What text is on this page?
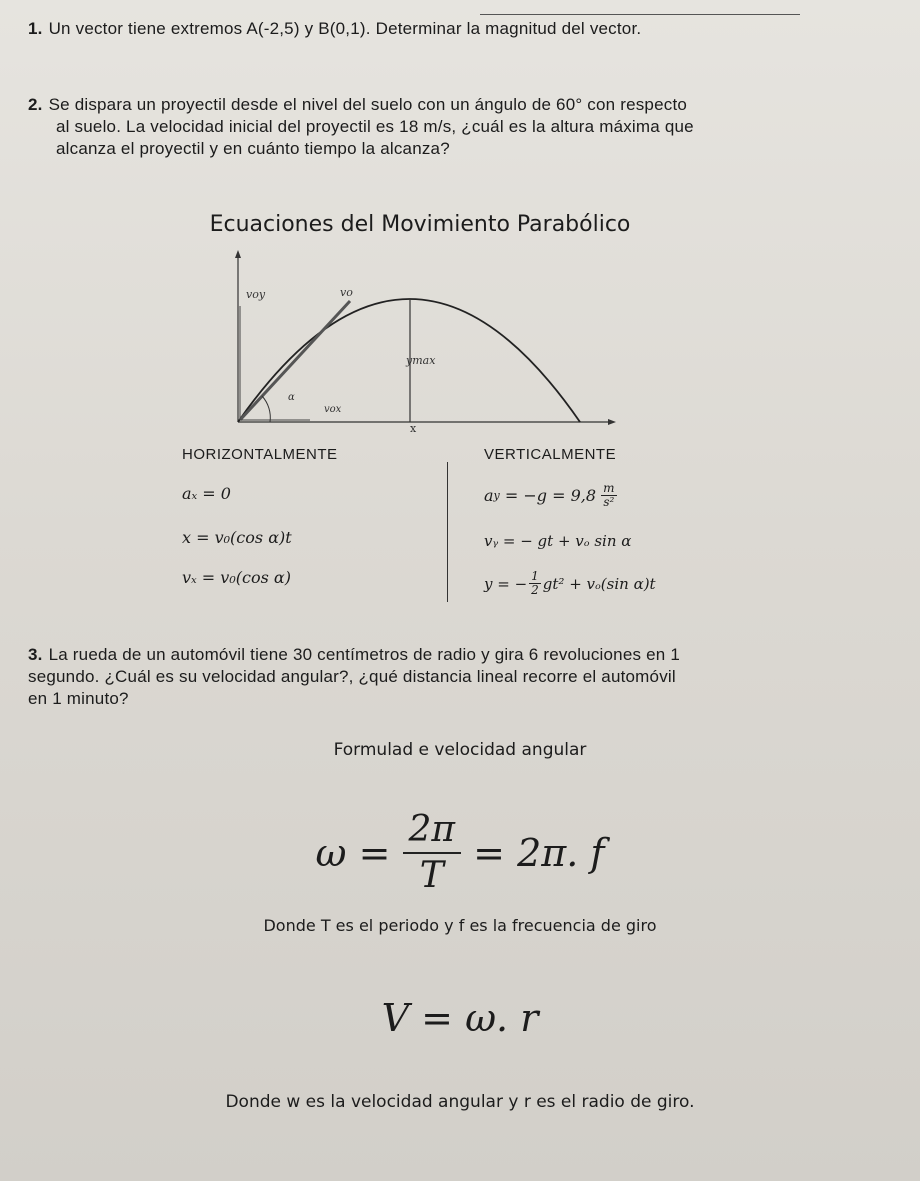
1. Un vector tiene extremos A(-2,5) y B(0,1). Determinar la magnitud del vector.
2. Se dispara un proyectil desde el nivel del suelo con un ángulo de 60° con respecto
al suelo. La velocidad inicial del proyectil es 18 m/s, ¿cuál es la altura máxima que
alcanza el proyectil y en cuánto tiempo la alcanza?
Ecuaciones del Movimiento Parabólico
voy	vo
ymax
α
vox
x
HORIZONTALMENTE	VERTICALMENTE
aₓ = 0
x = v₀(cos α)t
vₓ = v₀(cos α)
a $y = -g = 9,8 \frac{m}{\text{s²}}$
vᵧ = − gt + vₒ sin α
y = − $\frac{1}{2} gt^2 + v_o(\sin$ α)t
3. La rueda de un automóvil tiene 30 centímetros de radio y gira 6 revoluciones en 1
segundo. ¿Cuál es su velocidad angular?, ¿qué distancia lineal recorre el automóvil
en 1 minuto?
Formulad e velocidad angular
$\omega = \frac{2\pi}{T} = 2\pi$. f
Donde T es el periodo y f es la frecuencia de giro
V = ω. r
Donde w es la velocidad angular y r es el radio de giro.
